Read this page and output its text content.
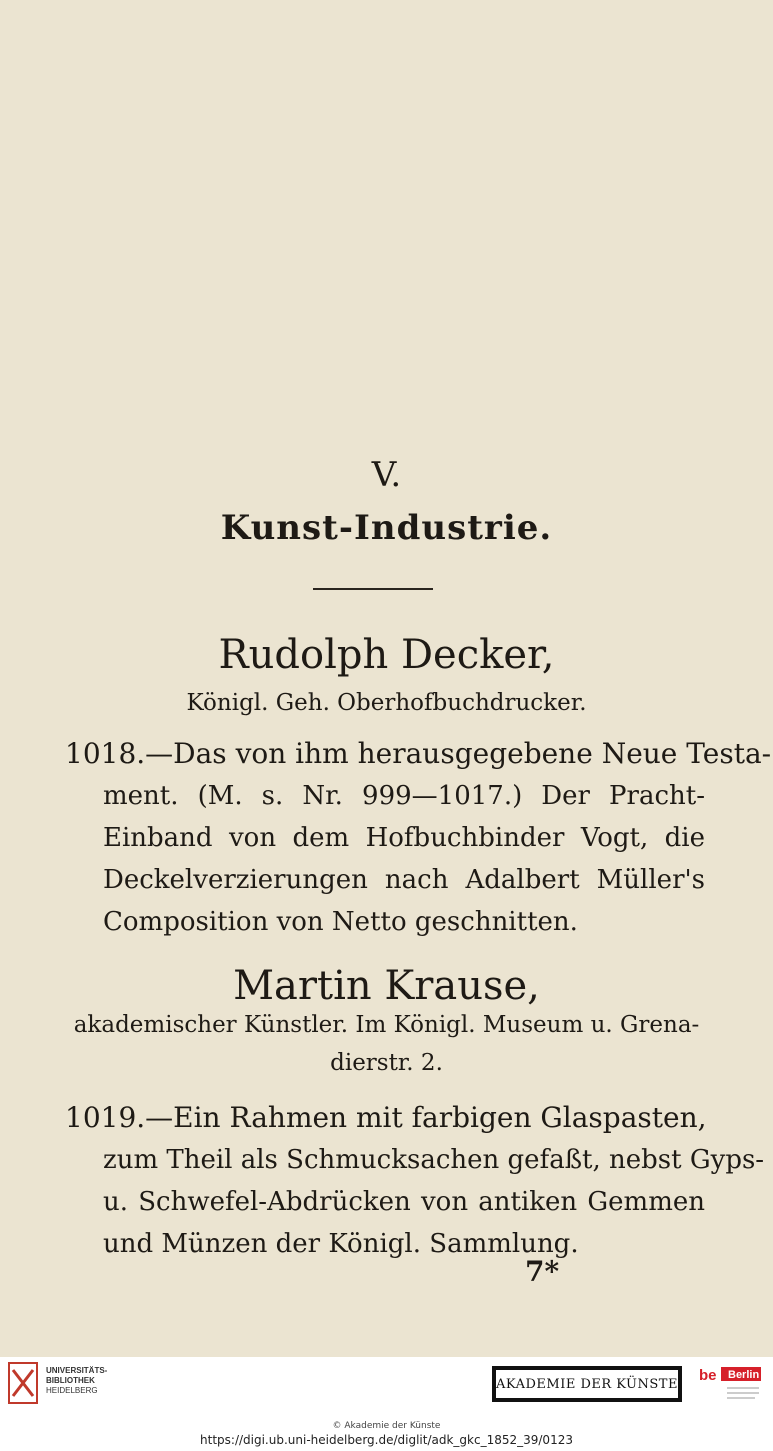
V.
Kunst-Industrie.
Rudolph Decker,
Königl. Geh. Oberhofbuchdrucker.
1018.—Das von ihm herausgegebene Neue Testa-
ment. (M. s. Nr. 999—1017.) Der Pracht-
Einband von dem Hofbuchbinder Vogt, die
Deckelverzierungen nach Adalbert Müller's
Composition von Netto geschnitten.
Martin Krause,
akademischer Künstler. Im Königl. Museum u. Grena-
dierstr. 2.
1019.—Ein Rahmen mit farbigen Glaspasten,
zum Theil als Schmucksachen gefaßt, nebst Gyps-
u. Schwefel-Abdrücken von antiken Gemmen
und Münzen der Königl. Sammlung.
7*
UNIVERSITÄTS-
BIBLIOTHEK
HEIDELBERG	AKADEMIE DER KÜNSTE be Berlin
© Akademie der Künste
https://digi.ub.uni-heidelberg.de/diglit/adk_gkc_1852_39/0123
